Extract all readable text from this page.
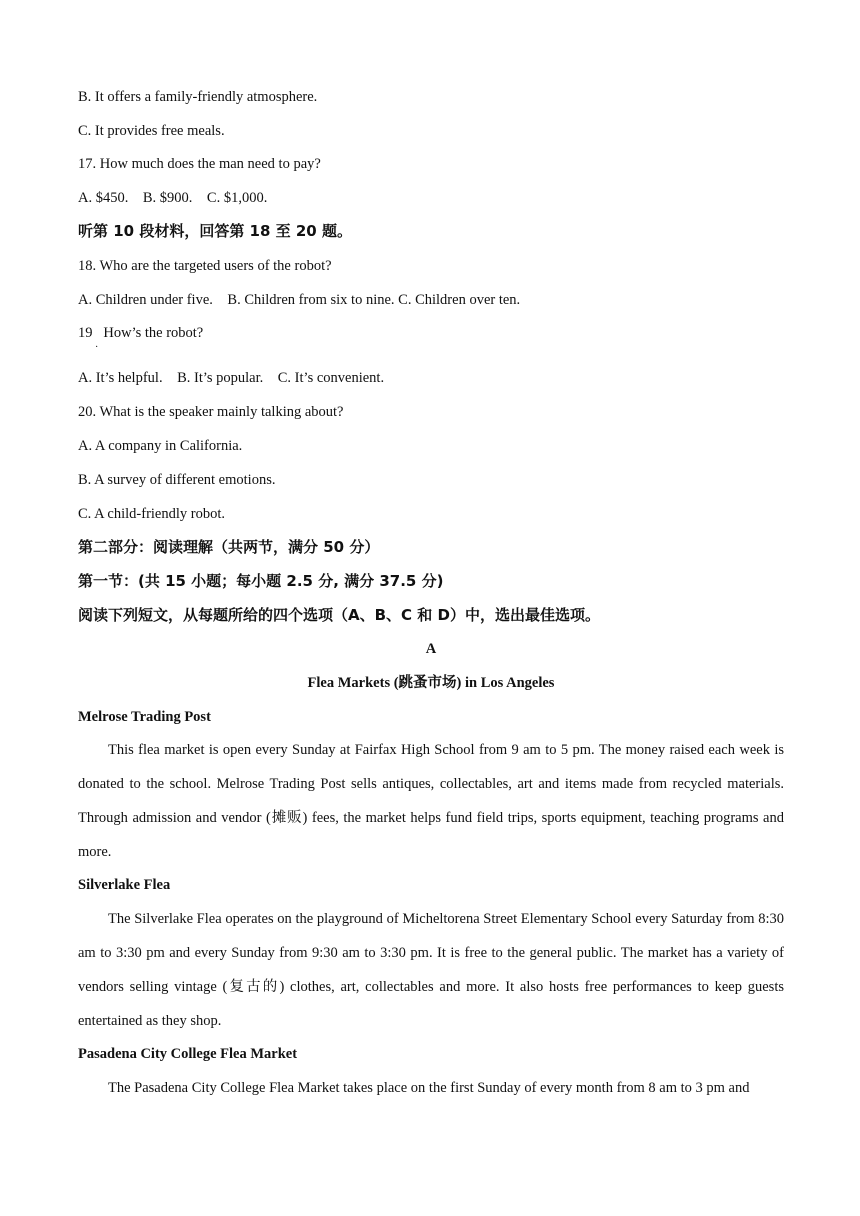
B. It offers a family-friendly atmosphere.
C. It provides free meals.
17. How much does the man need to pay?
A. $450.    B. $900.    C. $1,000.
听第 10 段材料，回答第 18 至 20 题。
18. Who are the targeted users of the robot?
A. Children under five.    B. Children from six to nine. C. Children over ten.
19   How’s the robot?
·
A. It’s helpful.    B. It’s popular.    C. It’s convenient.
20. What is the speaker mainly talking about?
A. A company in California.
B. A survey of different emotions.
C. A child-friendly robot.
第二部分：阅读理解（共两节，满分 50 分）
第一节：(共 15 小题；每小题 2.5 分, 满分 37.5 分)
阅读下列短文，从每题所给的四个选项（A、B、C 和 D）中，选出最佳选项。
A
Flea Markets (跳蚤市场) in Los Angeles
Melrose Trading Post
This flea market is open every Sunday at Fairfax High School from 9 am to 5 pm. The money raised each week is donated to the school. Melrose Trading Post sells antiques, collectables, art and items made from recycled materials. Through admission and vendor (摊贩) fees, the market helps fund field trips, sports equipment, teaching programs and more.
Silverlake Flea
The Silverlake Flea operates on the playground of Micheltorena Street Elementary School every Saturday from 8:30 am to 3:30 pm and every Sunday from 9:30 am to 3:30 pm. It is free to the general public. The market has a variety of vendors selling vintage (复古的) clothes, art, collectables and more. It also hosts free performances to keep guests entertained as they shop.
Pasadena City College Flea Market
The Pasadena City College Flea Market takes place on the first Sunday of every month from 8 am to 3 pm and
